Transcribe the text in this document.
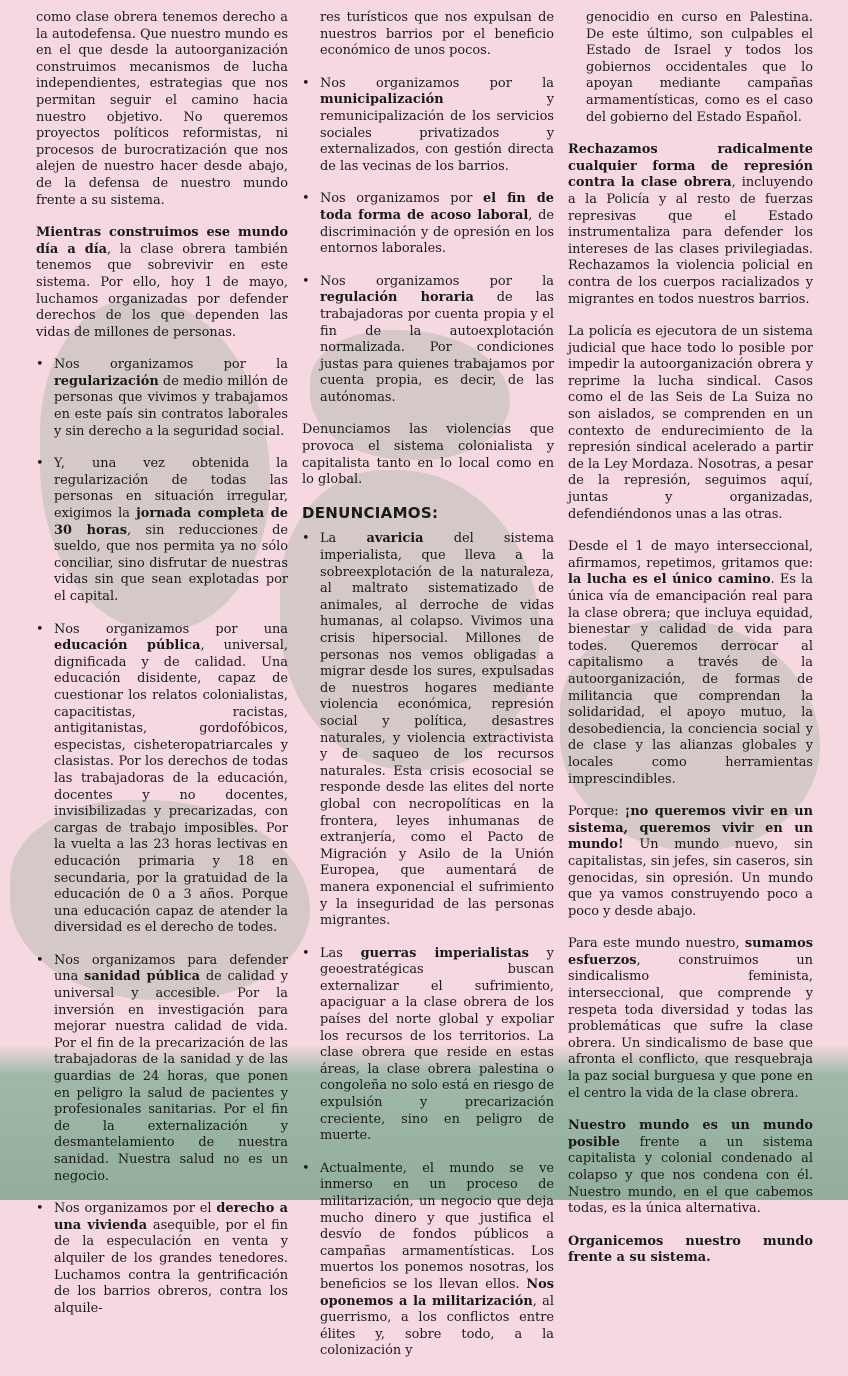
como clase obrera tenemos derecho a la autodefensa. Que nuestro mundo es en el que desde la autoorganización construimos mecanismos de lucha independientes, estrategias que nos permitan seguir el camino hacia nuestro objetivo. No queremos proyectos políticos reformistas, ni procesos de burocratización que nos alejen de nuestro hacer desde abajo, de la defensa de nuestro mundo frente a su sistema.

Mientras construimos ese mundo día a día, la clase obrera también tenemos que sobrevivir en este sistema. Por ello, hoy 1 de mayo, luchamos organizadas por defender derechos de los que dependen las vidas de millones de personas.

• Nos organizamos por la regularización de medio millón de personas que vivimos y trabajamos en este país sin contratos laborales y sin derecho a la seguridad social.
• Y, una vez obtenida la regularización de todas las personas en situación irregular, exigimos la jornada completa de 30 horas, sin reducciones de sueldo, que nos permita ya no sólo conciliar, sino disfrutar de nuestras vidas sin que sean explotadas por el capital.
• Nos organizamos por una educación pública, universal, dignificada y de calidad. Una educación disidente, capaz de cuestionar los relatos colonialistas, capacitistas, racistas, antigitanistas, gordofóbicos, especistas, cisheteropatriarcales y clasistas. Por los derechos de todas las trabajadoras de la educación, docentes y no docentes, invisibilizadas y precarizadas, con cargas de trabajo imposibles. Por la vuelta a las 23 horas lectivas en educación primaria y 18 en secundaria, por la gratuidad de la educación de 0 a 3 años. Porque una educación capaz de atender la diversidad es el derecho de todes.
• Nos organizamos para defender una sanidad pública de calidad y universal y accesible. Por la inversión en investigación para mejorar nuestra calidad de vida. Por el fin de la precarización de las trabajadoras de la sanidad y de las guardias de 24 horas, que ponen en peligro la salud de pacientes y profesionales sanitarias. Por el fin de la externalización y desmantelamiento de nuestra sanidad. Nuestra salud no es un negocio.
• Nos organizamos por el derecho a una vivienda asequible, por el fin de la especulación en venta y alquiler de los grandes tenedores. Luchamos contra la gentrificación de los barrios obreros, contra los alquile-

res turísticos que nos expulsan de nuestros barrios por el beneficio económico de unos pocos.

• Nos organizamos por la municipalización y remunicipalización de los servicios sociales privatizados y externalizados, con gestión directa de las vecinas de los barrios.
• Nos organizamos por el fin de toda forma de acoso laboral, de discriminación y de opresión en los entornos laborales.
• Nos organizamos por la regulación horaria de las trabajadoras por cuenta propia y el fin de la autoexplotación normalizada. Por condiciones justas para quienes trabajamos por cuenta propia, es decir, de las autónomas.

Denunciamos las violencias que provoca el sistema colonialista y capitalista tanto en lo local como en lo global.

DENUNCIAMOS:
• La avaricia del sistema imperialista, que lleva a la sobreexplotación de la naturaleza, al maltrato sistematizado de animales, al derroche de vidas humanas, al colapso. Vivimos una crisis hipersocial. Millones de personas nos vemos obligadas a migrar desde los sures, expulsadas de nuestros hogares mediante violencia económica, represión social y política, desastres naturales, y violencia extractivista y de saqueo de los recursos naturales. Esta crisis ecosocial se responde desde las elites del norte global con necropolíticas en la frontera, leyes inhumanas de extranjería, como el Pacto de Migración y Asilo de la Unión Europea, que aumentará de manera exponencial el sufrimiento y la inseguridad de las personas migrantes.
• Las guerras imperialistas y geoestratégicas buscan externalizar el sufrimiento, apaciguar a la clase obrera de los países del norte global y expoliar los recursos de los territorios. La clase obrera que reside en estas áreas, la clase obrera palestina o congoleña no solo está en riesgo de expulsión y precarización creciente, sino en peligro de muerte.
• Actualmente, el mundo se ve inmerso en un proceso de militarización, un negocio que deja mucho dinero y que justifica el desvío de fondos públicos a campañas armamentísticas. Los muertos los ponemos nosotras, los beneficios se los llevan ellos. Nos oponemos a la militarización, al guerrismo, a los conflictos entre élites y, sobre todo, a la colonización y

genocidio en curso en Palestina. De este último, son culpables el Estado de Israel y todos los gobiernos occidentales que lo apoyan mediante campañas armamentísticas, como es el caso del gobierno del Estado Español.

Rechazamos radicalmente cualquier forma de represión contra la clase obrera, incluyendo a la Policía y al resto de fuerzas represivas que el Estado instrumentaliza para defender los intereses de las clases privilegiadas. Rechazamos la violencia policial en contra de los cuerpos racializados y migrantes en todos nuestros barrios.

La policía es ejecutora de un sistema judicial que hace todo lo posible por impedir la autoorganización obrera y reprime la lucha sindical. Casos como el de las Seis de La Suiza no son aislados, se comprenden en un contexto de endurecimiento de la represión sindical acelerado a partir de la Ley Mordaza. Nosotras, a pesar de la represión, seguimos aquí, juntas y organizadas, defendiéndonos unas a las otras.

Desde el 1 de mayo interseccional, afirmamos, repetimos, gritamos que: la lucha es el único camino. Es la única vía de emancipación real para la clase obrera; que incluya equidad, bienestar y calidad de vida para todes. Queremos derrocar al capitalismo a través de la autoorganización, de formas de militancia que comprendan la solidaridad, el apoyo mutuo, la desobediencia, la conciencia social y de clase y las alianzas globales y locales como herramientas imprescindibles.

Porque: ¡no queremos vivir en un sistema, queremos vivir en un mundo! Un mundo nuevo, sin capitalistas, sin jefes, sin caseros, sin genocidas, sin opresión. Un mundo que ya vamos construyendo poco a poco y desde abajo.

Para este mundo nuestro, sumamos esfuerzos, construimos un sindicalismo feminista, interseccional, que comprende y respeta toda diversidad y todas las problemáticas que sufre la clase obrera. Un sindicalismo de base que afronta el conflicto, que resquebraja la paz social burguesa y que pone en el centro la vida de la clase obrera.

Nuestro mundo es un mundo posible frente a un sistema capitalista y colonial condenado al colapso y que nos condena con él. Nuestro mundo, en el que cabemos todas, es la única alternativa.

Organicemos nuestro mundo frente a su sistema.
